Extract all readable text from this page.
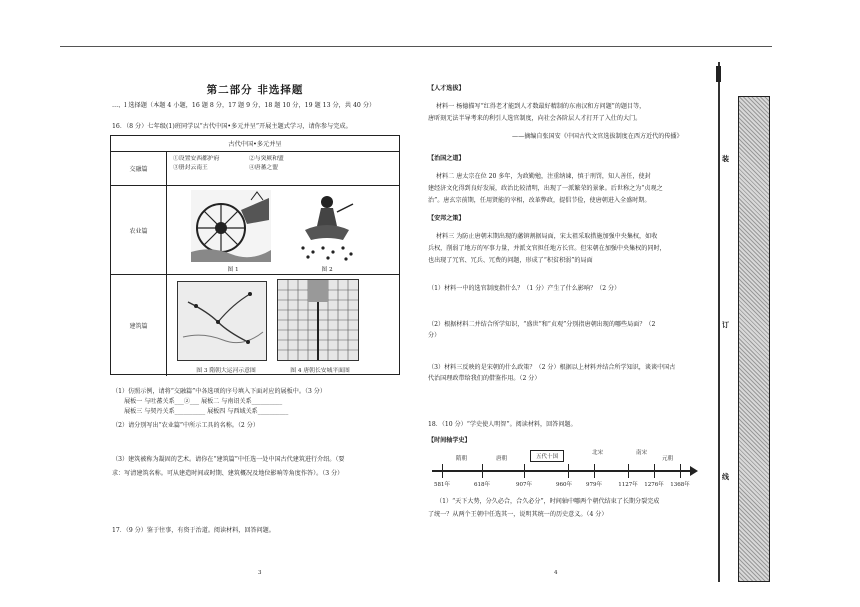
第二部分 非选择题
…、l 选择题（本题 4 小题，16 题 8 分，17 题 9 分，18 题 10 分，19 题 13 分，共 40 分）
16．（8 分）七年级(1)班同学以“古代中国•多元并呈”开展主题式学习，请你参与完成。
古代中国•多元并呈
交融篇
①设置安西都护府	②与突厥和盟
③册封云南王	④唐蕃之盟
农业篇
图 1	图 2
建筑篇
图 3 隋朝大运河示意图	图 4 唐朝长安城平面图
（1）仿照示例，请将“交融篇”中各选项的序号填入下面对应的展板中。（3 分）
展板一 与吐蕃关系___②___ 展板二 与南诏关系__________
展板三 与契丹关系__________ 展板四 与西域关系__________
（2）请分别写出“农业篇”中所示工具的名称。（2 分）
（3）建筑被称为凝固的艺术。请你在“建筑篇”中任选一处中国古代建筑进行介绍。（要
求：写清建筑名称。可从建造时间或时期、建筑概况及地位影响等角度作答）。（3 分）
17．（9 分）鉴于往事，有资于治道。阅读材料，回答问题。
3
【人才选拔】
材料一 杨德描写“红得老才能到人才数最好精制的东南汉和方问题”的题目等，
唐昕刻无法半导考来的利引人选官制度，向社会各阶层人才打开了入仕的大门。
——摘编自张国安《中国古代文官选拔制度在西方近代的传播》
【治国之道】
材料二 唐太宗在位 20 多年，为政勤勉，注重纳谏，慎于刑罚，知人善任，使封
建经济文化得到良好发展，政治比较清明，出现了一派繁荣的景象。后世称之为“贞观之
治”。唐玄宗前期，任用贤能的宰相，改革弊政，提倡节俭，使唐朝进入全盛时期。
【安邦之策】
材料三 为防止唐朝末期出现的藩镇割据局面，宋太祖采取措施加强中央集权，如收
兵权，削弱了地方的军事力量，并派文官担任地方长官。但宋朝在加强中央集权的同时，
也出现了冗官、冗兵、冗费的问题，形成了“积贫积弱”的局面
（1）材料一中的选官制度指什么？（1 分）产生了什么影响？（2 分）
（2）根据材料二并结合所学知识，“盛世”和“贞观”分别指唐朝出现的哪些局面？（2
分）
（3）材料三反映的是宋朝的什么政策？（2 分）根据以上材料并结合所学知识，谈谈中国古
代治国理政带给我们的借鉴作用。（2 分）
18．（10 分）“学史使人明智”。阅读材料，回答问题。
【时间轴学史】
581年	618年	907年	960年	979年	1127年 1276年 1368年
隋朝	唐朝	五代十国
北宋	南宋
元朝
（1）“天下大势，分久必合，合久必分”，时间轴中哪两个朝代结束了长期分裂完成
了统一？从两个王朝中任选其一，说明其统一的历史意义。（4 分）
4
装
订
线
